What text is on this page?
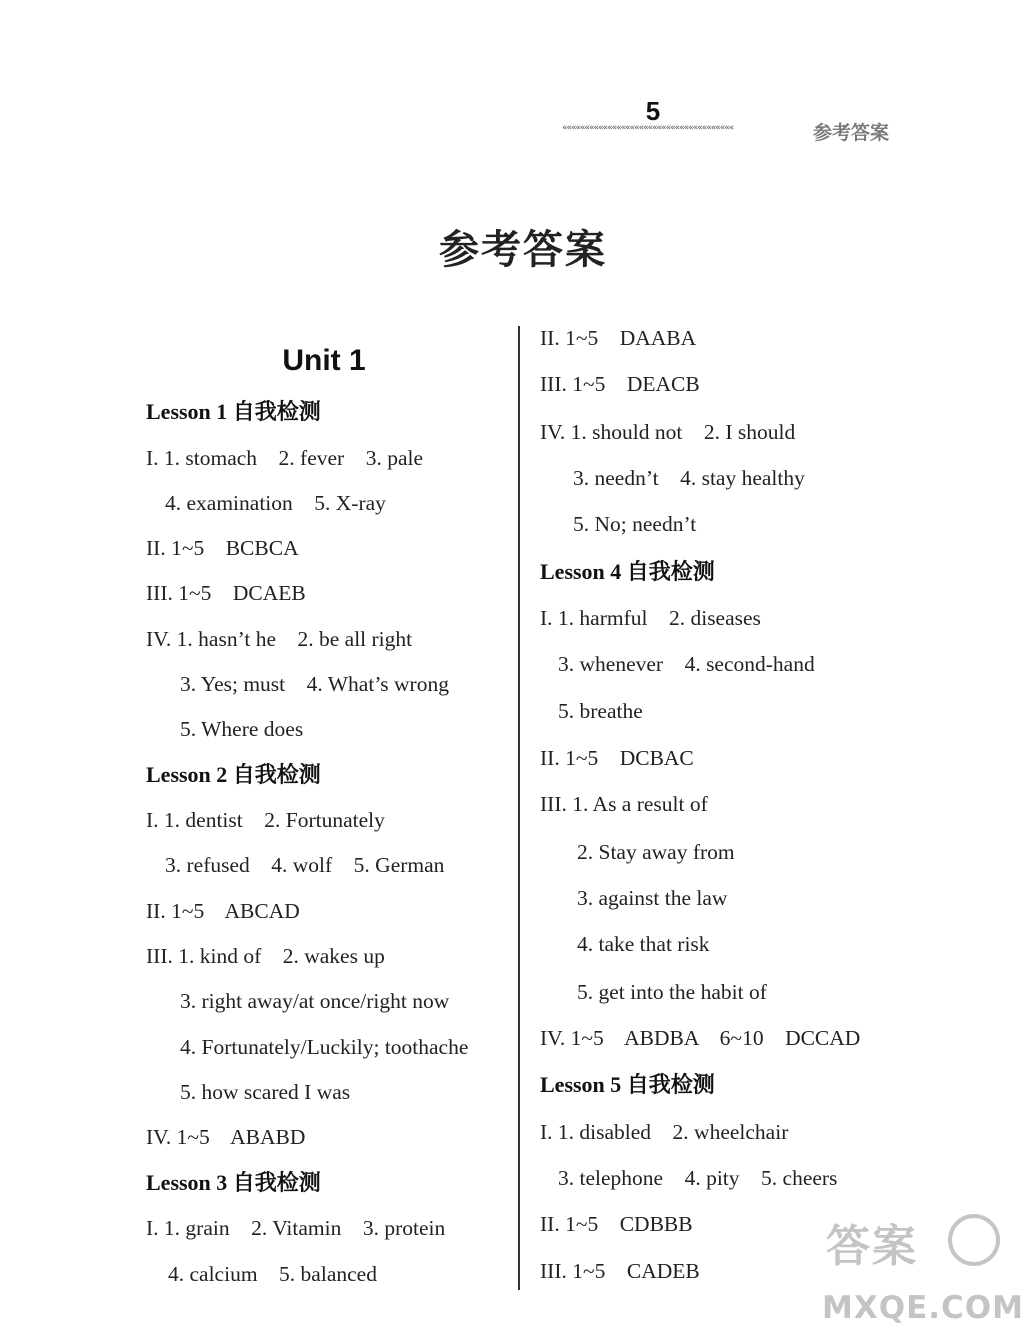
5
««««««««««««««««««««««««««««««««««««««	参考答案
参考答案
Unit 1
Lesson 1 自我检测
I. 1. stomach    2. fever    3. pale
4. examination    5. X-ray
II. 1~5    BCBCA
III. 1~5    DCAEB
IV. 1. hasn’t he    2. be all right
3. Yes; must    4. What’s wrong
5. Where does
Lesson 2 自我检测
I. 1. dentist    2. Fortunately
3. refused    4. wolf    5. German
II. 1~5    ABCAD
III. 1. kind of    2. wakes up
3. right away/at once/right now
4. Fortunately/Luckily; toothache
5. how scared I was
IV. 1~5    ABABD
Lesson 3 自我检测
I. 1. grain    2. Vitamin    3. protein
4. calcium    5. balanced
II. 1~5    DAABA
III. 1~5    DEACB
IV. 1. should not    2. I should
3. needn’t    4. stay healthy
5. No; needn’t
Lesson 4 自我检测
I. 1. harmful    2. diseases
3. whenever    4. second-hand
5. breathe
II. 1~5    DCBAC
III. 1. As a result of
2. Stay away from
3. against the law
4. take that risk
5. get into the habit of
IV. 1~5    ABDBA    6~10    DCCAD
Lesson 5 自我检测
I. 1. disabled    2. wheelchair
3. telephone    4. pity    5. cheers
II. 1~5    CDBBB
III. 1~5    CADEB	答案
MXQE.COM
